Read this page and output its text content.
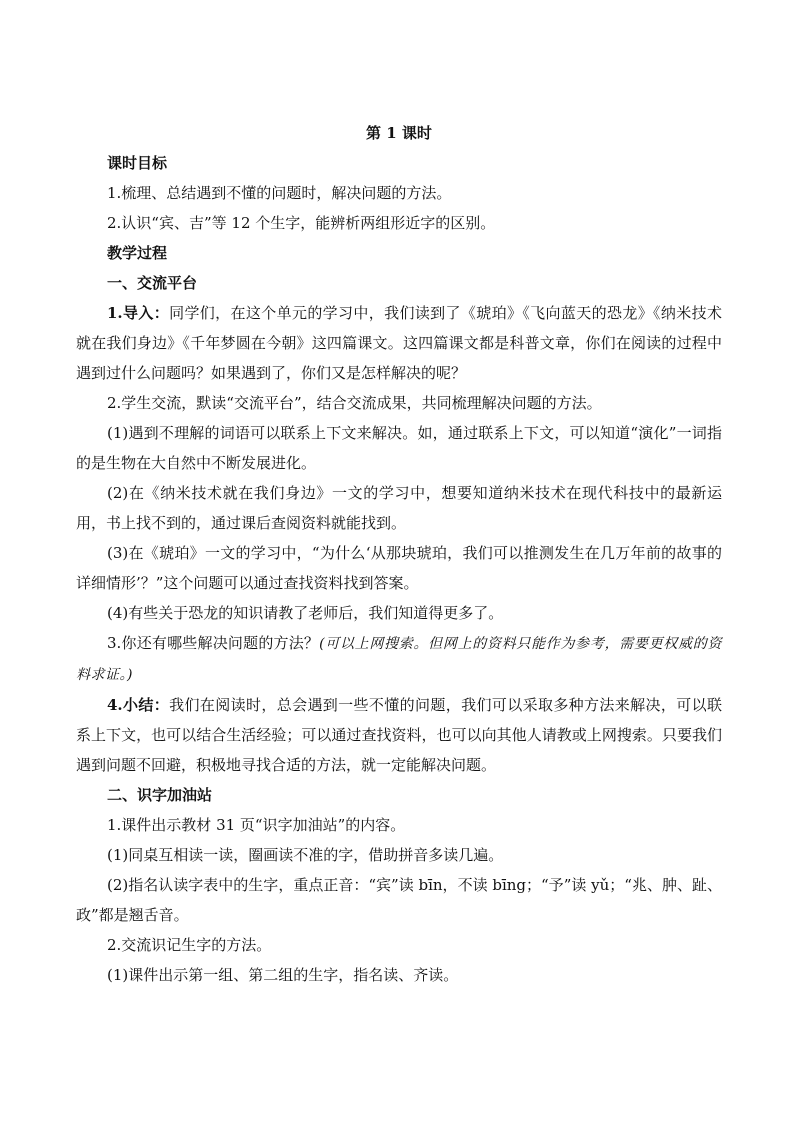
第 1 课时
课时目标

1.梳理、总结遇到不懂的问题时，解决问题的方法。

2.认识“宾、吉”等 12 个生字，能辨析两组形近字的区别。

教学过程
一、交流平台

1.导入：同学们，在这个单元的学习中，我们读到了《琥珀》《飞向蓝天的恐龙》《纳米技术就在我们身边》《千年梦圆在今朝》这四篇课文。这四篇课文都是科普文章，你们在阅读的过程中遇到过什么问题吗？如果遇到了，你们又是怎样解决的呢？

2.学生交流，默读“交流平台”，结合交流成果，共同梳理解决问题的方法。

(1)遇到不理解的词语可以联系上下文来解决。如，通过联系上下文，可以知道“演化”一词指的是生物在大自然中不断发展进化。

(2)在《纳米技术就在我们身边》一文的学习中，想要知道纳米技术在现代科技中的最新运用，书上找不到的，通过课后查阅资料就能找到。

(3)在《琥珀》一文的学习中，“为什么‘从那块琥珀，我们可以推测发生在几万年前的故事的详细情形’？”这个问题可以通过查找资料找到答案。

(4)有些关于恐龙的知识请教了老师后，我们知道得更多了。

3.你还有哪些解决问题的方法？(可以上网搜索。但网上的资料只能作为参考，需要更权威的资料求证。)

4.小结：我们在阅读时，总会遇到一些不懂的问题，我们可以采取多种方法来解决，可以联系上下文，也可以结合生活经验；可以通过查找资料，也可以向其他人请教或上网搜索。只要我们遇到问题不回避，积极地寻找合适的方法，就一定能解决问题。

二、识字加油站

1.课件出示教材 31 页“识字加油站”的内容。

(1)同桌互相读一读，圈画读不准的字，借助拼音多读几遍。

(2)指名认读字表中的生字，重点正音：“宾”读 bīn，不读 bīng；“予”读 yǔ；“兆、肿、趾、政”都是翘舌音。

2.交流识记生字的方法。

(1)课件出示第一组、第二组的生字，指名读、齐读。
